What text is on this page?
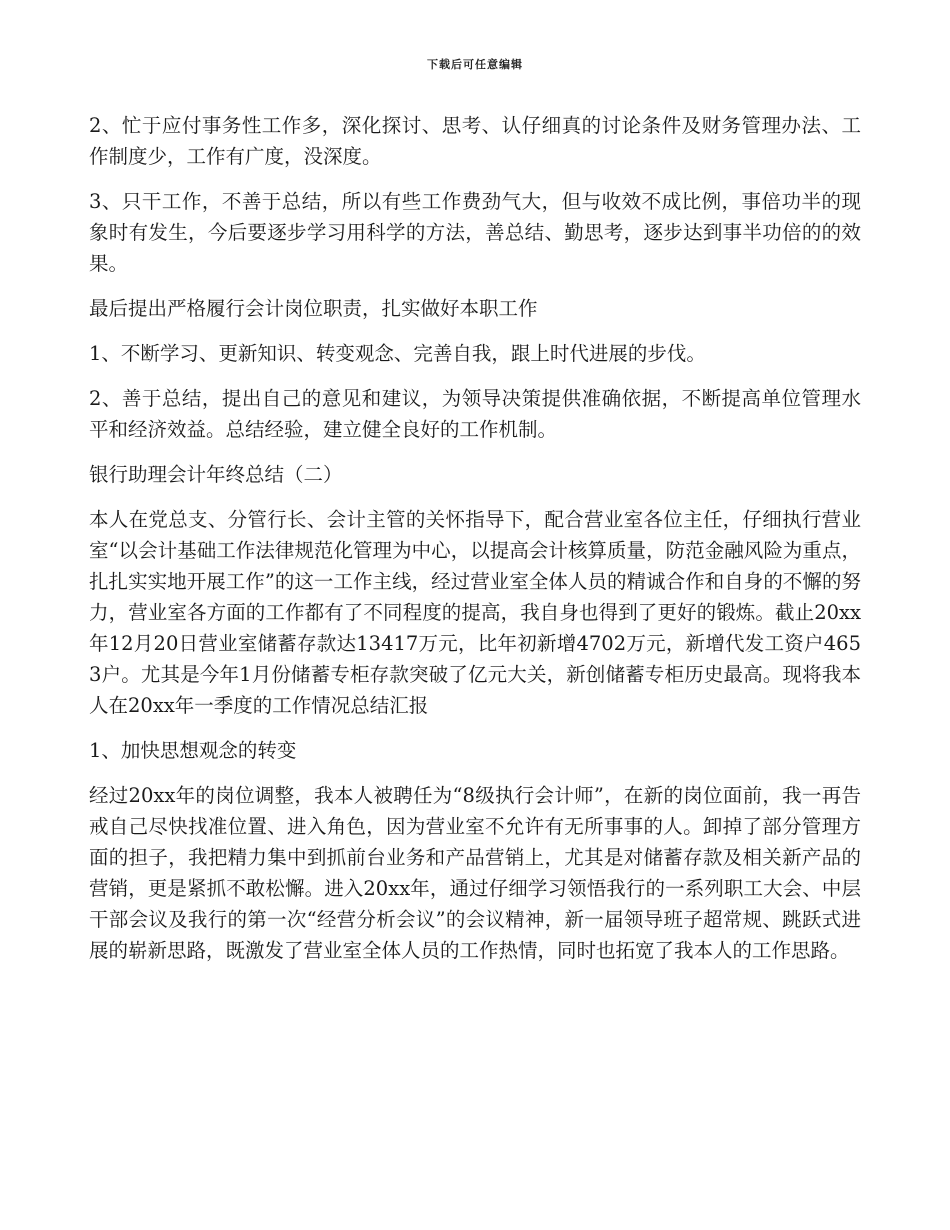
下载后可任意编辑

2、忙于应付事务性工作多，深化探讨、思考、认仔细真的讨论条件及财务管理办法、工作制度少，工作有广度，没深度。

3、只干工作，不善于总结，所以有些工作费劲气大，但与收效不成比例，事倍功半的现象时有发生，今后要逐步学习用科学的方法，善总结、勤思考，逐步达到事半功倍的的效果。

最后提出严格履行会计岗位职责，扎实做好本职工作

1、不断学习、更新知识、转变观念、完善自我，跟上时代进展的步伐。

2、善于总结，提出自己的意见和建议，为领导决策提供准确依据，不断提高单位管理水平和经济效益。总结经验，建立健全良好的工作机制。

银行助理会计年终总结（二）

本人在党总支、分管行长、会计主管的关怀指导下，配合营业室各位主任，仔细执行营业室“以会计基础工作法律规范化管理为中心，以提高会计核算质量，防范金融风险为重点，扎扎实实地开展工作”的这一工作主线，经过营业室全体人员的精诚合作和自身的不懈的努力，营业室各方面的工作都有了不同程度的提高，我自身也得到了更好的锻炼。截止20xx年12月20日营业室储蓄存款达13417万元，比年初新增4702万元，新增代发工资户4653户。尤其是今年1月份储蓄专柜存款突破了亿元大关，新创储蓄专柜历史最高。现将我本人在20xx年一季度的工作情况总结汇报

1、加快思想观念的转变

经过20xx年的岗位调整，我本人被聘任为“8级执行会计师”，在新的岗位面前，我一再告戒自己尽快找准位置、进入角色，因为营业室不允许有无所事事的人。卸掉了部分管理方面的担子，我把精力集中到抓前台业务和产品营销上，尤其是对储蓄存款及相关新产品的营销，更是紧抓不敢松懈。进入20xx年，通过仔细学习领悟我行的一系列职工大会、中层干部会议及我行的第一次“经营分析会议”的会议精神，新一届领导班子超常规、跳跃式进展的崭新思路，既激发了营业室全体人员的工作热情，同时也拓宽了我本人的工作思路。
